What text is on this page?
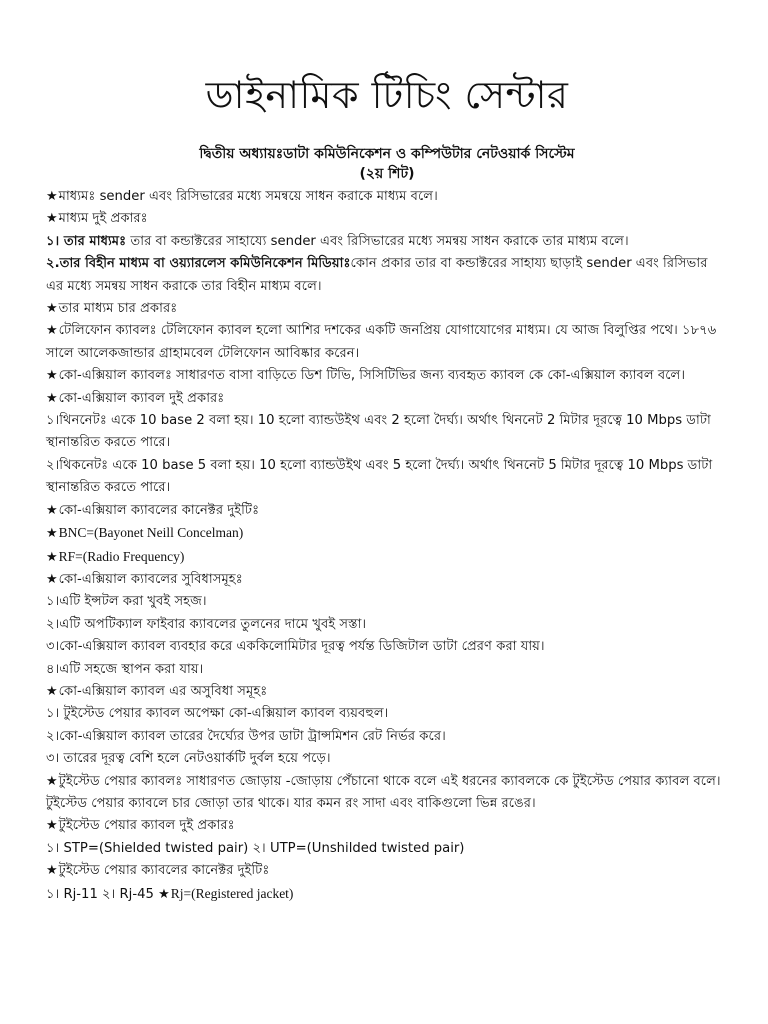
ডাইনামিক টিচিং সেন্টার

দ্বিতীয় অধ্যায়ঃডাটা কমিউনিকেশন ও কম্পিউটার নেটওয়ার্ক সিস্টেম

(২য় শিট)

★মাধ্যমঃ sender এবং রিসিভারের মধ্যে সমন্বয়ে সাধন করাকে মাধ্যম বলে।

★মাধ্যম দুই প্রকারঃ

১। তার মাধ্যমঃ তার বা কন্ডাক্টরের সাহায্যে sender এবং রিসিভারের মধ্যে সমন্বয় সাধন করাকে তার মাধ্যম বলে।

২.তার বিহীন মাধ্যম বা ওয়্যারলেস কমিউনিকেশন মিডিয়াঃকোন প্রকার তার বা কন্ডাক্টরের সাহায্য ছাড়াই sender এবং রিসিভার এর মধ্যে সমন্বয় সাধন করাকে তার বিহীন মাধ্যম বলে।

★তার মাধ্যম চার প্রকারঃ

★টেলিফোন ক্যাবলঃ টেলিফোন ক্যাবল হলো আশির দশকের একটি জনপ্রিয় যোগাযোগের মাধ্যম। যে আজ বিলুপ্তির পথে। ১৮৭৬ সালে আলেকজান্ডার গ্রাহামবেল টেলিফোন আবিষ্কার করেন।

★কো-এক্সিয়াল ক্যাবলঃ সাধারণত বাসা বাড়িতে ডিশ টিভি, সিসিটিভির জন্য ব্যবহৃত ক্যাবল কে কো-এক্সিয়াল ক্যাবল বলে।

★কো-এক্সিয়াল ক্যাবল দুই প্রকারঃ

১।থিননেটঃ একে 10 base 2 বলা হয়। 10 হলো ব্যান্ডউইথ এবং 2 হলো দৈর্ঘ্য। অর্থাৎ থিননেট 2 মিটার দূরত্বে 10 Mbps ডাটা স্থানান্তরিত করতে পারে।

২।থিকনেটঃ একে 10 base 5 বলা হয়। 10 হলো ব্যান্ডউইথ এবং 5 হলো দৈর্ঘ্য। অর্থাৎ থিননেট 5 মিটার দূরত্বে 10 Mbps ডাটা স্থানান্তরিত করতে পারে।

★কো-এক্সিয়াল ক্যাবলের কানেক্টর দুইটিঃ

★BNC=(Bayonet Neill Concelman)

★RF=(Radio Frequency)

★কো-এক্সিয়াল ক্যাবলের সুবিধাসমূহঃ

১।এটি ইন্সটল করা খুবই সহজ।

২।এটি অপটিক্যাল ফাইবার ক্যাবলের তুলনের দামে খুবই সস্তা।

৩।কো-এক্সিয়াল ক্যাবল ব্যবহার করে এককিলোমিটার দূরত্ব পর্যন্ত ডিজিটাল ডাটা প্রেরণ করা যায়।

৪।এটি সহজে স্থাপন করা যায়।

★কো-এক্সিয়াল ক্যাবল এর অসুবিধা সমূহঃ

১। টুইস্টেড পেয়ার ক্যাবল অপেক্ষা কো-এক্সিয়াল ক্যাবল ব্যয়বহুল।

২।কো-এক্সিয়াল ক্যাবল তারের দৈর্ঘ্যের উপর ডাটা ট্রান্সমিশন রেট নির্ভর করে।

৩। তারের দূরত্ব বেশি হলে নেটওয়ার্কটি দুর্বল হয়ে পড়ে।

★টুইস্টেড পেয়ার ক্যাবলঃ সাধারণত জোড়ায় -জোড়ায় পেঁচানো থাকে বলে এই ধরনের ক্যাবলকে কে টুইস্টেড পেয়ার ক্যাবল বলে। টুইস্টেড পেয়ার ক্যাবলে চার জোড়া তার থাকে। যার কমন রং সাদা এবং বাকিগুলো ভিন্ন রঙের।

★টুইস্টেড পেয়ার ক্যাবল দুই প্রকারঃ

১। STP=(Shielded twisted pair) ২। UTP=(Unshilded twisted pair)

★টুইস্টেড পেয়ার ক্যাবলের কানেক্টর দুইটিঃ

১। Rj-11 ২। Rj-45 ★Rj=(Registered jacket)
